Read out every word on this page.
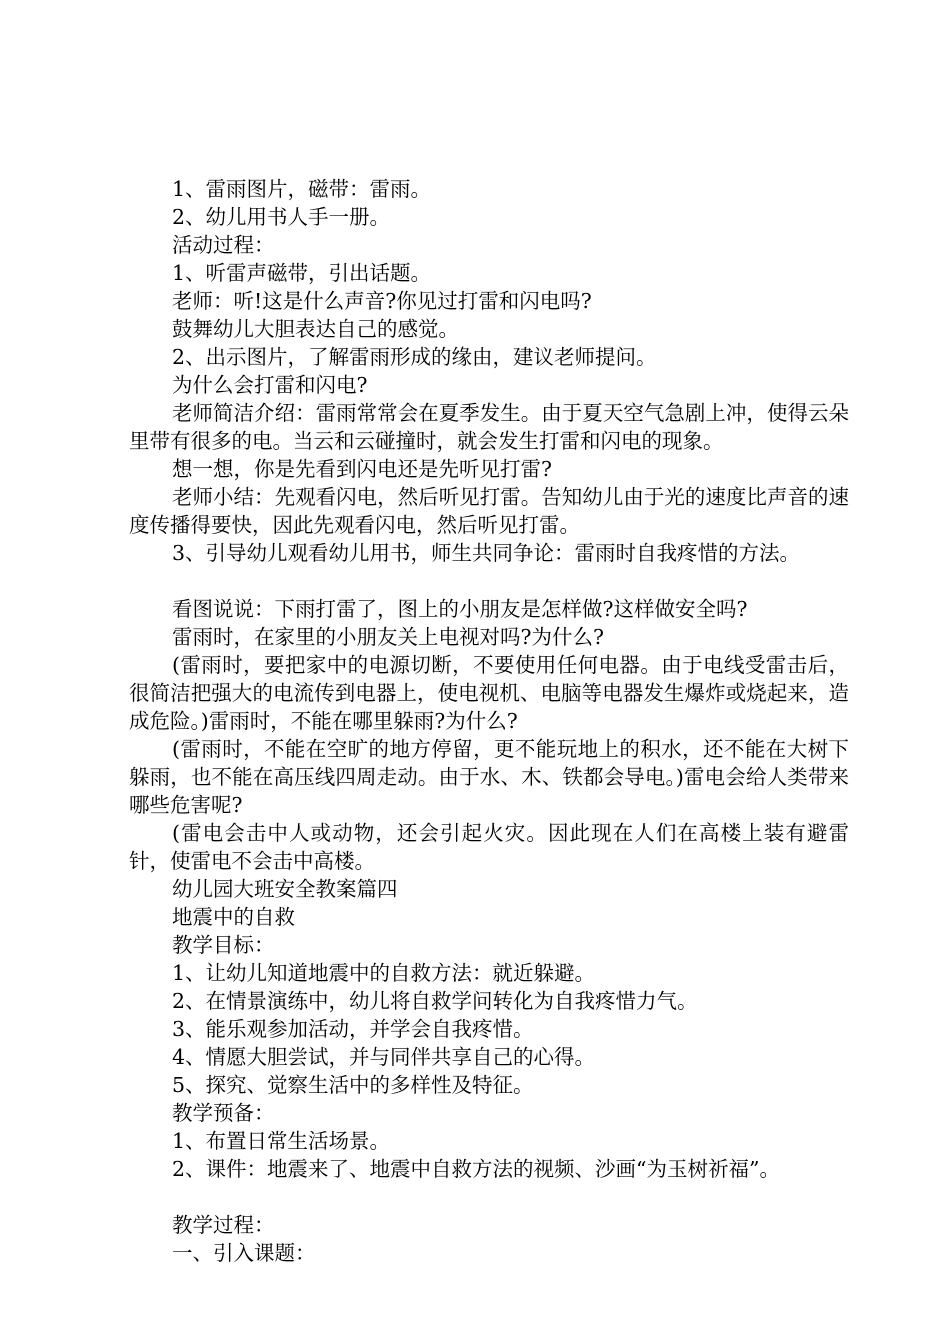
1、雷雨图片，磁带：雷雨。

2、幼儿用书人手一册。

活动过程：

1、听雷声磁带，引出话题。

老师：听!这是什么声音?你见过打雷和闪电吗?

鼓舞幼儿大胆表达自己的感觉。

2、出示图片，了解雷雨形成的缘由，建议老师提问。

为什么会打雷和闪电?

老师简洁介绍：雷雨常常会在夏季发生。由于夏天空气急剧上冲，使得云朵里带有很多的电。当云和云碰撞时，就会发生打雷和闪电的现象。

想一想，你是先看到闪电还是先听见打雷?

老师小结：先观看闪电，然后听见打雷。告知幼儿由于光的速度比声音的速度传播得要快，因此先观看闪电，然后听见打雷。

3、引导幼儿观看幼儿用书，师生共同争论：雷雨时自我疼惜的方法。

看图说说：下雨打雷了，图上的小朋友是怎样做?这样做安全吗?

雷雨时，在家里的小朋友关上电视对吗?为什么?

(雷雨时，要把家中的电源切断，不要使用任何电器。由于电线受雷击后，很简洁把强大的电流传到电器上，使电视机、电脑等电器发生爆炸或烧起来，造成危险。)雷雨时，不能在哪里躲雨?为什么?

(雷雨时，不能在空旷的地方停留，更不能玩地上的积水，还不能在大树下躲雨，也不能在高压线四周走动。由于水、木、铁都会导电。)雷电会给人类带来哪些危害呢?

(雷电会击中人或动物，还会引起火灾。因此现在人们在高楼上装有避雷针，使雷电不会击中高楼。

幼儿园大班安全教案篇四

地震中的自救

教学目标：

1、让幼儿知道地震中的自救方法：就近躲避。

2、在情景演练中，幼儿将自救学问转化为自我疼惜力气。

3、能乐观参加活动，并学会自我疼惜。

4、情愿大胆尝试，并与同伴共享自己的心得。

5、探究、觉察生活中的多样性及特征。

教学预备：

1、布置日常生活场景。

2、课件：地震来了、地震中自救方法的视频、沙画“为玉树祈福”。

教学过程：

一、引入课题：
